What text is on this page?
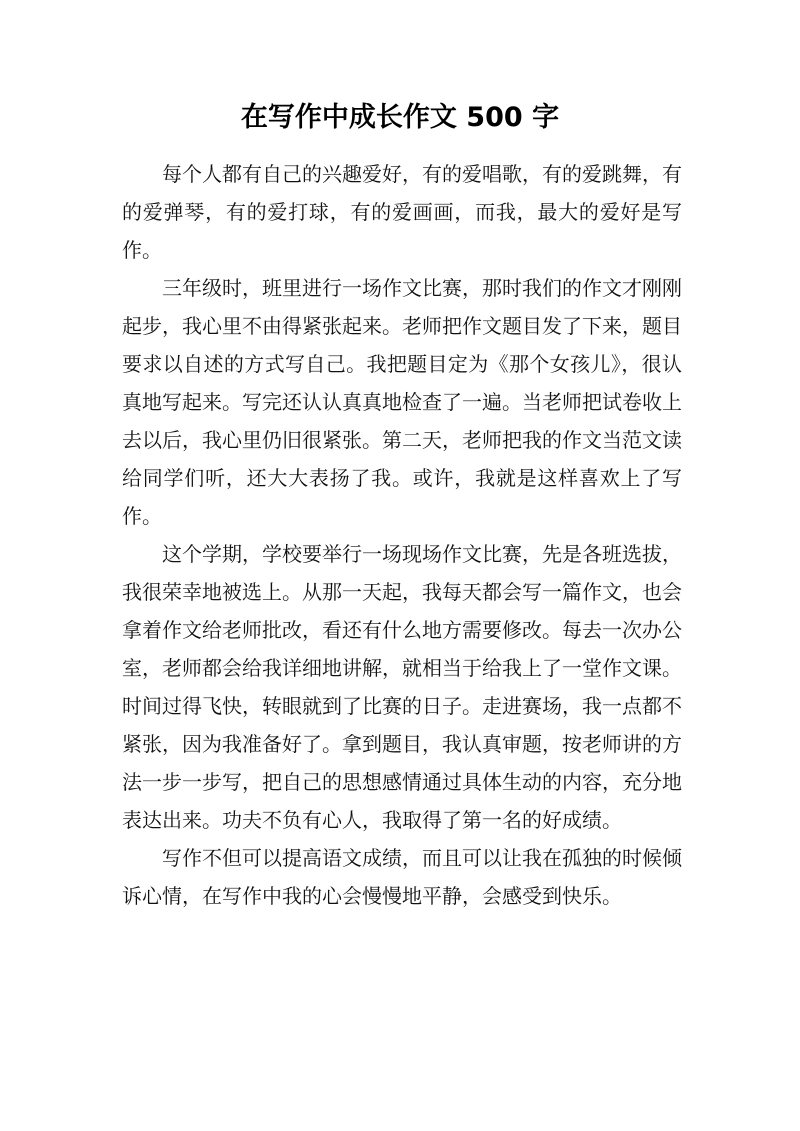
在写作中成长作文 500 字

每个人都有自己的兴趣爱好，有的爱唱歌，有的爱跳舞，有的爱弹琴，有的爱打球，有的爱画画，而我，最大的爱好是写作。

三年级时，班里进行一场作文比赛，那时我们的作文才刚刚起步，我心里不由得紧张起来。老师把作文题目发了下来，题目要求以自述的方式写自己。我把题目定为《那个女孩儿》，很认真地写起来。写完还认认真真地检查了一遍。当老师把试卷收上去以后，我心里仍旧很紧张。第二天，老师把我的作文当范文读给同学们听，还大大表扬了我。或许，我就是这样喜欢上了写作。

这个学期，学校要举行一场现场作文比赛，先是各班选拔，我很荣幸地被选上。从那一天起，我每天都会写一篇作文，也会拿着作文给老师批改，看还有什么地方需要修改。每去一次办公室，老师都会给我详细地讲解，就相当于给我上了一堂作文课。时间过得飞快，转眼就到了比赛的日子。走进赛场，我一点都不紧张，因为我准备好了。拿到题目，我认真审题，按老师讲的方法一步一步写，把自己的思想感情通过具体生动的内容，充分地表达出来。功夫不负有心人，我取得了第一名的好成绩。

写作不但可以提高语文成绩，而且可以让我在孤独的时候倾诉心情，在写作中我的心会慢慢地平静，会感受到快乐。
